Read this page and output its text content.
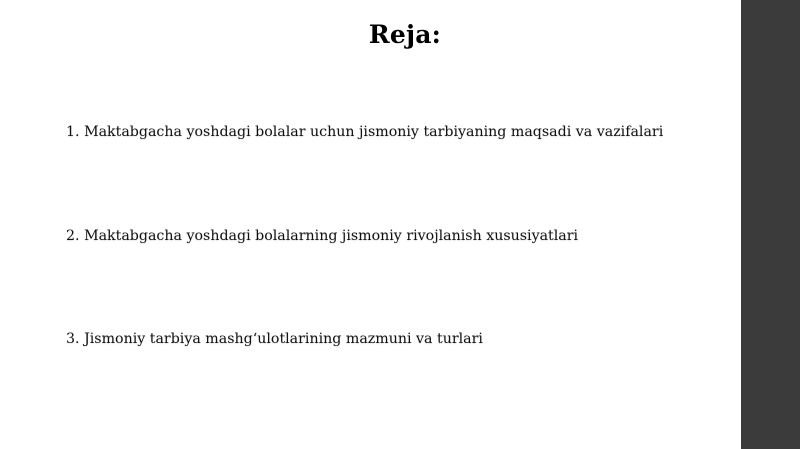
Reja:
1. Maktabgacha yoshdagi bolalar uchun jismoniy tarbiyaning maqsadi va vazifalari
2. Maktabgacha yoshdagi bolalarning jismoniy rivojlanish xususiyatlari
3. Jismoniy tarbiya mashg‘ulotlarining mazmuni va turlari
